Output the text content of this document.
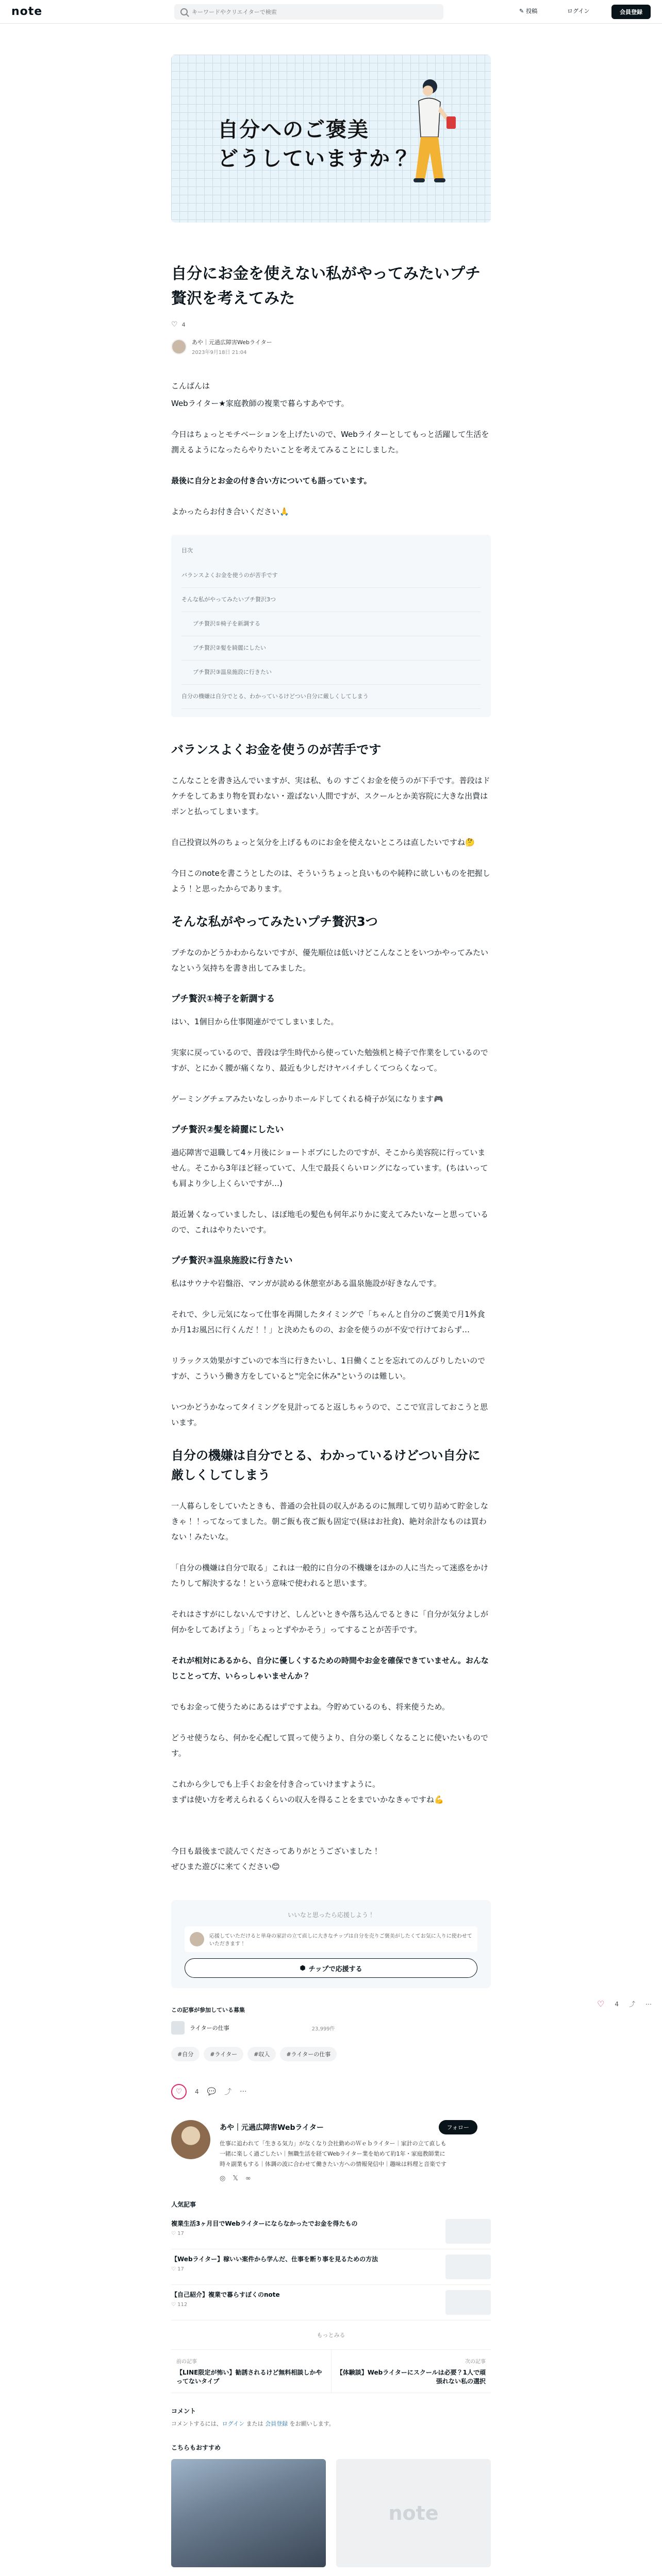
note
キーワードやクリエイターで検索	✎ 投稿	ログイン	会員登録
自分へのご褒美
どうしていますか？
自分にお金を使えない私がやってみたいプチ贅沢を考えてみた
♡ 4
あや｜元過広障害Webライター
2023年9月18日 21:04

こんばんは

Webライター★家庭教師の複業で暮らすあやです。

今日はちょっとモチベーションを上げたいので、Webライターとしてもっと活躍して生活を潤えるようになったらやりたいことを考えてみることにしました。

最後に自分とお金の付き合い方についても語っています。

よかったらお付き合いください🙏

目次
バランスよくお金を使うのが苦手です
そんな私がやってみたいプチ贅沢3つ
プチ贅沢①椅子を新調する
プチ贅沢②髪を綺麗にしたい
プチ贅沢③温泉施設に行きたい
自分の機嫌は自分でとる、わかっているけどつい自分に厳しくしてしまう
バランスよくお金を使うのが苦手です

こんなことを書き込んでいますが、実は私、もの すごくお金を使うのが下手です。普段はドケチをしてあまり物を買わない・遊ばない人間ですが、スクールとか美容院に大きな出費はポンと払ってしまいます。

自己投資以外のちょっと気分を上げるものにお金を使えないところは直したいですね🤔

今日このnoteを書こうとしたのは、そういうちょっと良いものや純粋に欲しいものを把握しよう！と思ったからであります。

そんな私がやってみたいプチ贅沢3つ

プチなのかどうかわからないですが、優先順位は低いけどこんなことをいつかやってみたいなという気持ちを書き出してみました。

プチ贅沢①椅子を新調する

はい、1個目から仕事関連がでてしまいました。

実家に戻っているので、普段は学生時代から使っていた勉強机と椅子で作業をしているのですが、とにかく腰が痛くなり、最近も少しだけヤバイチしくてつらくなって。

ゲーミングチェアみたいなしっかりホールドしてくれる椅子が気になります🎮

プチ贅沢②髪を綺麗にしたい

過応障害で退職して4ヶ月後にショートボブにしたのですが、そこから美容院に行っていません。そこから3年ほど経っていて、人生で最長くらいロングになっています。(ちはいっても肩より少し上くらいですが…)

最近暑くなっていましたし、ほぼ地毛の髪色も何年ぶりかに変えてみたいなーと思っているので、これはやりたいです。

プチ贅沢③温泉施設に行きたい

私はサウナや岩盤浴、マンガが読める休憩室がある温泉施設が好きなんです。

それで、少し元気になって仕事を再開したタイミングで「ちゃんと自分のご褒美で月1外食か月1お風呂に行くんだ！！」と決めたものの、お金を使うのが不安で行けておらず…

リラックス効果がすごいので本当に行きたいし、1日働くことを忘れてのんびりしたいのですが、こういう働き方をしていると"完全に休み"というのは難しい。

いつかどうかなってタイミングを見計ってると返しちゃうので、ここで宣言しておこうと思います。

自分の機嫌は自分でとる、わかっているけどつい自分に厳しくしてしまう

一人暮らしをしていたときも、普通の会社員の収入があるのに無理して切り詰めて貯金しなきゃ！！ってなってました。朝ご飯も夜ご飯も固定で(昼はお社食)、絶対余計なものは買わない！みたいな。

「自分の機嫌は自分で取る」これは一般的に自分の不機嫌をほかの人に当たって迷惑をかけたりして解決するな！という意味で使われると思います。

それはさすがにしないんですけど、しんどいときや落ち込んでるときに「自分が気分よしが何かをしてあげよう」「ちょっとずやかそう」ってすることが苦手です。

それが相対にあるから、自分に優しくするための時間やお金を確保できていません。おんなじことって方、いらっしゃいませんか？

でもお金って使うためにあるはずですよね。今貯めているのも、将来使うため。

どうせ使うなら、何かを心配して買って使うより、自分の楽しくなることに使いたいものです。

これから少しでも上手くお金を付き合っていけますように。
まずは使い方を考えられるくらいの収入を得ることをまでいかなきゃですね💪

今日も最後まで読んでくださってありがとうございました！
ぜひまた遊びに来てください😊

いいなと思ったら応援しよう！
応援していただけると単身の家計の立て直しに大きなチップは自分を売りご褒美がしたくてお気に入りに使わせていただきます！
⬢ チップで応援する
この記事が参加している募集
ライターの仕事	23,999件
#自分	#ライター	#収入	#ライターの仕事
♡	4 💬 ⤴ ···
あや｜元過広障害Webライター	フォロー
仕事に追われて「生きる気力」がなくなり会社勤めのＷｅｂライター｜家計の立て直しも一緒に楽しく過ごしたい｜無職生活を経てWebライター業を始めて約1年・家庭教師業に時々副業もする｜体調の波に合わせて働きたい方への情報発信中｜趣味は料理と音楽です
◎ 𝕏 ∞
人気記事
複業生活3ヶ月目でWebライターにならなかったでお金を得たもの
♡ 17
【Webライター】稼いい案件から学んだ、仕事を断り事を見るための方法
♡ 17
【自己紹介】複業で暮らすぼくのnote
♡ 112
もっとみる
前の記事
【LINE限定が怖い】勧誘されるけど無料相談しかやってないタイプ
次の記事
【体験談】Webライターにスクールは必要？1人で頑張れない私の選択
コメント
コメントするには、ログイン または 会員登録 をお願いします。
こちらもおすすめ
note
♡ 4 ⤴ ⋯
